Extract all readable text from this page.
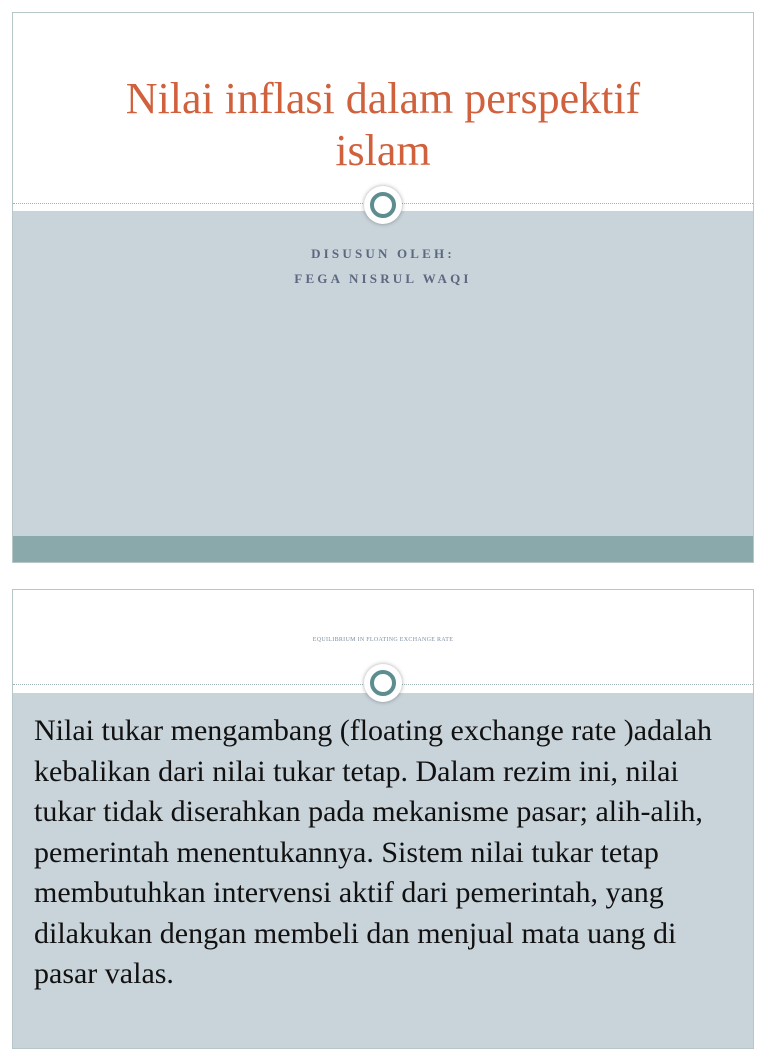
Nilai inflasi dalam perspektif islam
DISUSUN OLEH:
FEGA NISRUL WAQI
EQUILIBRIUM IN FLOATING EXCHANGE RATE

Nilai tukar mengambang (floating exchange rate )adalah kebalikan dari nilai tukar tetap. Dalam rezim ini, nilai tukar tidak diserahkan pada mekanisme pasar; alih-alih, pemerintah menentukannya. Sistem nilai tukar tetap membutuhkan intervensi aktif dari pemerintah, yang dilakukan dengan membeli dan menjual mata uang di pasar valas.
